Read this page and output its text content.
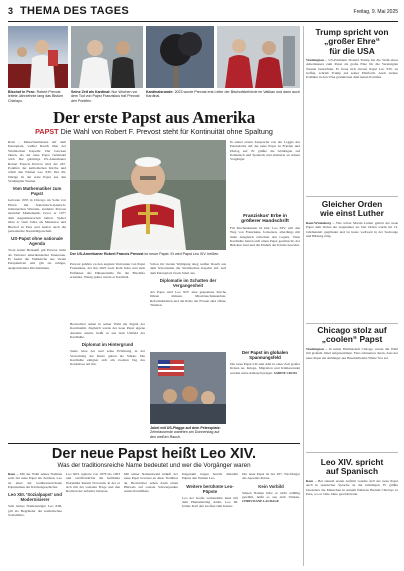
3 THEMA DES TAGES	Freitag, 9. Mai 2025
Bischof in Peru: Robert Prevost leitete Jahrzehnte lang das Bistum Chiclayo.
Seine Zeit als Kardinal: Nur Wochen vor dem Tod von Papst Franziskus traf Prevost den Pontifex.
Kardinalsrunde: 2023 wurde Prevost erst Leiter der Bischofsbehörde im Vatikan und dann auch Kardinal.
Der erste Papst aus Amerika
PAPST Die Wahl von Robert F. Prevost steht für Kontinuität ohne Spaltung
Rom – Menschenmassen auf dem Petersplatz, weißer Rauch über der Sixtinischen Kapelle: Die Glocken läuten, als der neue Papst verkündet wird. Der gebürtige US-Amerikaner Robert Francis Prevost wird der 267. Pontifex der katholischen Kirche und wählt den Namen Leo XIV. Der 69-Jährige ist der erste Papst aus den Vereinigten Staaten.
Vom Mathematiker zum Papst
Geboren 1955 in Chicago als Sohn von Eltern mit französisch-spanisch-italienischen Wurzeln, studierte Prevost zunächst Mathematik, bevor er 1977 dem Augustinerorden beitrat. Später lebte er viele Jahre als Missionar und Bischof in Peru und besitzt auch die peruanische Staatsbürgerschaft.
US-Papst ohne nationale Agenda
Trotz seiner Herkunft gilt Prevost nicht als Vertreter amerikanischer Interessen. Er kennt die Weltkirche aus vielen Perspektiven und gilt als ruhiger, ausgleichender Kirchenmann.
Der US-Amerikaner Robert Francis Prevost ist neuer Papst. Er wird Papst Leo XIV. heißen.
Prevost gehörte zu den engsten Vertrauten von Papst Franziskus, der ihn 2023 nach Rom holte und zum Präfekten des Dikasteriums für die Bischöfe ernannte. Wenig später wurde er Kardinal.
Beobachter sehen in seiner Wahl ein Signal der Kontinuität. Zugleich werde der neue Papst eigene Akzente setzen, heißt es aus dem Umfeld der Kardinäle.
Diplomat im Hintergrund
Seine leise Art und seine Erfahrung in der Verwaltung der Kurie gelten als Stärke. Die Kardinäle einigten sich am zweiten Tag des Konklaves auf ihn.
Schon im vierten Wahlgang stieg weißer Rauch aus dem Schornstein der Sixtinischen Kapelle auf. Auf dem Petersplatz brach Jubel aus.
Diplomatie im Schatten der Vergangenheit
Als Papst wird Leo XIV. eine gespaltene Kirche führen müssen. Missbrauchsskandale, Reformdebatten und die Rolle der Frauen sind offene Themen.
Jubel mit US-Flagge auf dem Petersplatz: Zehntausende warteten am Donnerstag auf den weißen Rauch.
In seiner ersten Ansprache von der Loggia des Petersdoms rief der neue Papst zu Frieden und Dialog auf. Er grüßte die Gläubigen auf Italienisch und Spanisch und erinnerte an seinen Vorgänger.
Franziskus' Erbe in
größerer Handschrift
Für Kirchenkenner ist klar: Leo XIV. will den Weg von Franziskus fortsetzen, allerdings mit mehr Ausgleich zwischen den Lagern. Viele Kardinäle hatten sich einen Papst gewünscht, der Brücken baut und die Einheit der Kirche bewahrt.
Der Papst im globalen
Spannungsfeld
Der neue Papst tritt sein Amt in einer Zeit großer Krisen an. Kriege, Migration und Klimawandel werden seine Amtszeit prägen. SABINE CROSS
Trump spricht von
„großer Ehre“
für die USA
Washington – US-Präsident Donald Trump hat die Wahl eines Amerikaners zum Papst als große Ehre für die Vereinigten Staaten bezeichnet. Er freue sich darauf, Papst Leo XIV. zu treffen, schrieb Trump auf seiner Plattform. Auch andere Politiker in den USA gratulierten dem neuen Pontifex.
Gleicher Orden
wie einst Luther
Rom/Wittenberg – Wie schon Martin Luther gehört der neue Papst dem Orden der Augustiner an. Der Orden wurde im 13. Jahrhundert gegründet und ist heute weltweit in der Seelsorge und Bildung tätig.
Chicago stolz auf
„coolen“ Papst
Washington – In seiner Heimatstadt Chicago wurde die Wahl mit großem Jubel aufgenommen. Fans erinnerten daran, dass der neue Papst ein Anhänger des Baseballteams White Sox sei.
Leo XIV. spricht
auf Spanisch
Rom – Bei seinem ersten Auftritt wandte sich der neue Papst auch in spanischer Sprache an die Gläubigen. Er grüßte besonders die Menschen in seinem früheren Bistum Chiclayo in Peru, wo er viele Jahre gewirkt hatte.
Der neue Papst heißt Leo XIV.
Was der traditionsreiche Name bedeutet und wer die Vorgänger waren
Rom – Mit der Wahl seines Namens setzt der neue Papst ein Zeichen. Leo ist einer der traditionsreichsten Papstnamen der Kirchengeschichte.
Leo XIII. 'Sozialpapst' und Modernisierer
Sein letzter Namensträger Leo XIII. gilt als Begründer der katholischen Soziallehre.
Leo XIII. regierte von 1878 bis 1903 und veröffentlichte die berühmte Enzyklika Rerum Novarum, in der er sich mit der sozialen Frage und den Rechten der Arbeiter befasste.
Mit seiner Namenswahl knüpft der neue Papst bewusst an diese Tradition an. Beobachter sehen darin einen Hinweis auf soziale Schwerpunkte seines Pontifikats.
Insgesamt trugen bereits dreizehn Päpste den Namen Leo.
Weitere berühmte Leo-Päpste
Leo der Große verhandelte einst mit dem Hunnenkönig Attila, Leo III. krönte Karl den Großen zum Kaiser.
Der neue Papst ist der 267. Nachfolger des Apostels Petrus.
Kein Vorbild
Seinen Namen habe er nicht zufällig gewählt, heißt es aus dem Vatikan. CHRISTIANE LAUDAGE
